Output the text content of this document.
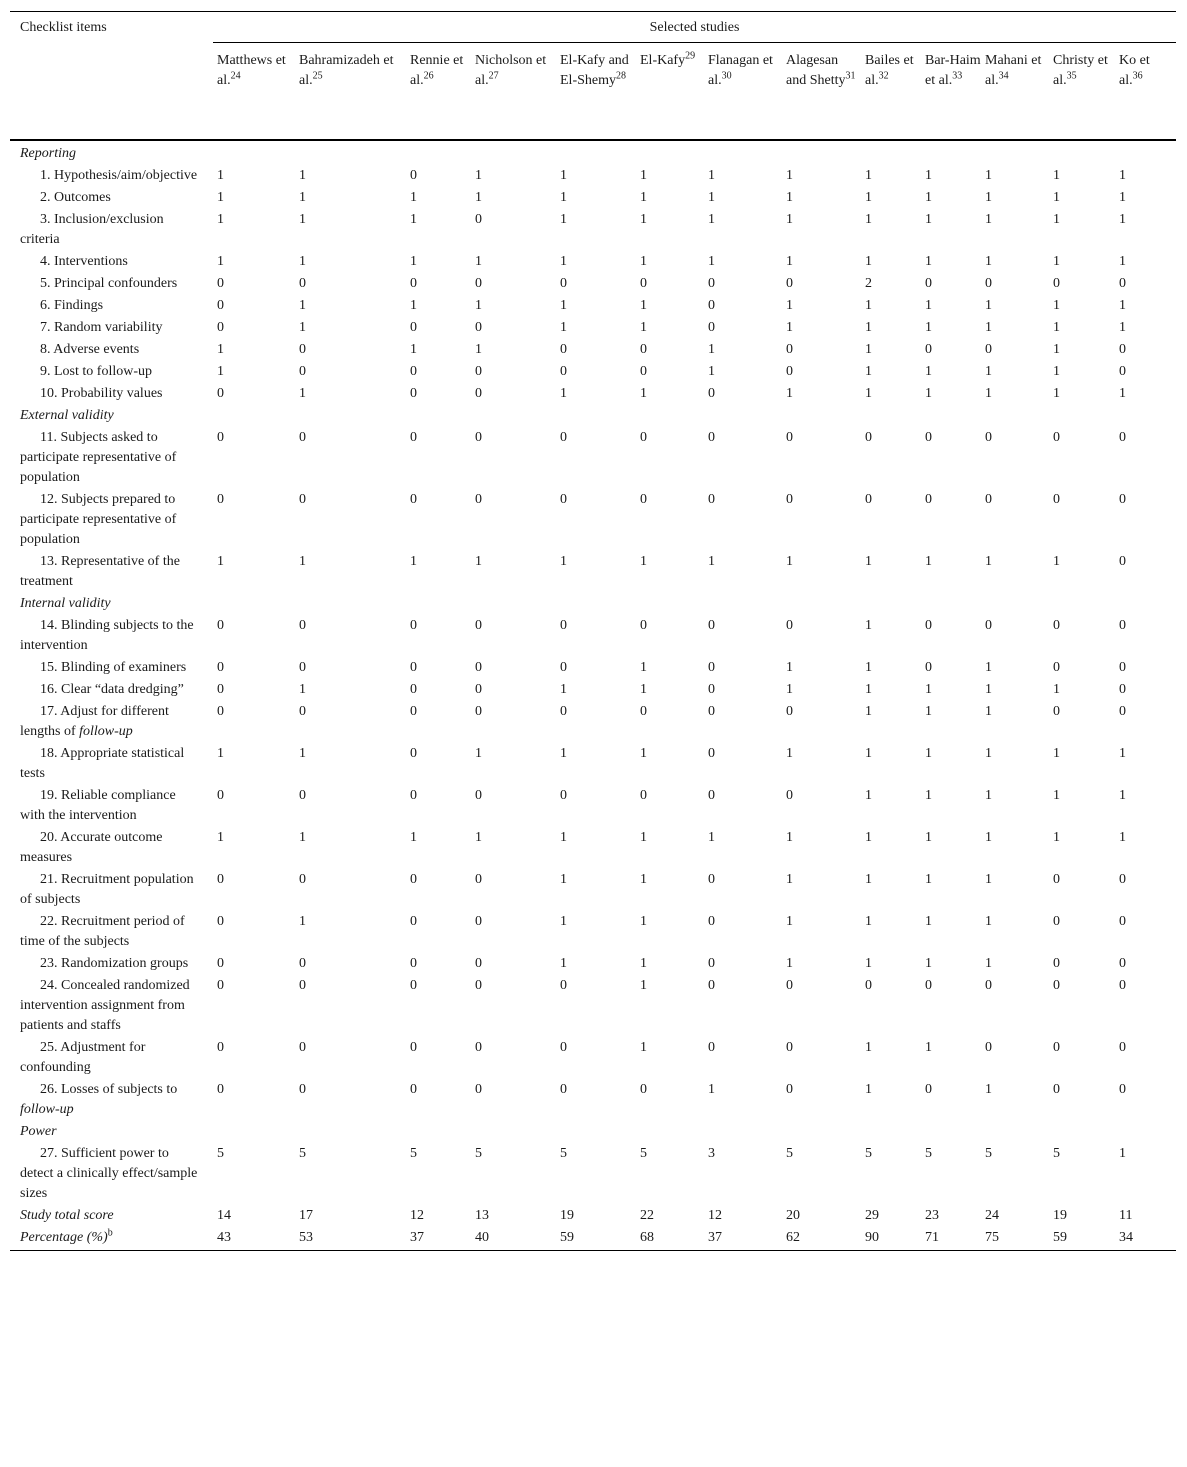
Checklist items	Selected studies												
	Matthews et al.$^{24}$	Bahramizadeh et al.$^{25}$	Rennie et al.$^{26}$	Nicholson et al.$^{27}$	El-Kafy and El-Shemy$^{28}$	El-Kafy$^{29}$	Flanagan et al.$^{30}$	Alagesan and Shetty$^{31}$	Bailes et al.$^{32}$	Bar-Haim et al.$^{33}$	Mahani et al.$^{34}$	Christy et al.$^{35}$	Ko et al.$^{36}$
Reporting													
1. Hypothesis/aim/objective	1	1	0	1	1	1	1	1	1	1	1	1	1
2. Outcomes	1	1	1	1	1	1	1	1	1	1	1	1	1
3. Inclusion/exclusion criteria	1	1	1	0	1	1	1	1	1	1	1	1	1
4. Interventions	1	1	1	1	1	1	1	1	1	1	1	1	1
5. Principal confounders	0	0	0	0	0	0	0	0	2	0	0	0	0
6. Findings	0	1	1	1	1	1	0	1	1	1	1	1	1
7. Random variability	0	1	0	0	1	1	0	1	1	1	1	1	1
8. Adverse events	1	0	1	1	0	0	1	0	1	0	0	1	0
9. Lost to follow-up	1	0	0	0	0	0	1	0	1	1	1	1	0
10. Probability values	0	1	0	0	1	1	0	1	1	1	1	1	1
External validity													
11. Subjects asked to participate representative of population	0	0	0	0	0	0	0	0	0	0	0	0	0
12. Subjects prepared to participate representative of population	0	0	0	0	0	0	0	0	0	0	0	0	0
13. Representative of the treatment	1	1	1	1	1	1	1	1	1	1	1	1	0
Internal validity													
14. Blinding subjects to the intervention	0	0	0	0	0	0	0	0	1	0	0	0	0
15. Blinding of examiners	0	0	0	0	0	1	0	1	1	0	1	0	0
16. Clear “data dredging”	0	1	0	0	1	1	0	1	1	1	1	1	0
17. Adjust for different lengths of follow-up	0	0	0	0	0	0	0	0	1	1	1	0	0
18. Appropriate statistical tests	1	1	0	1	1	1	0	1	1	1	1	1	1
19. Reliable compliance with the intervention	0	0	0	0	0	0	0	0	1	1	1	1	1
20. Accurate outcome measures	1	1	1	1	1	1	1	1	1	1	1	1	1
21. Recruitment population of subjects	0	0	0	0	1	1	0	1	1	1	1	0	0
22. Recruitment period of time of the subjects	0	1	0	0	1	1	0	1	1	1	1	0	0
23. Randomization groups	0	0	0	0	1	1	0	1	1	1	1	0	0
24. Concealed randomized intervention assignment from patients and staffs	0	0	0	0	0	1	0	0	0	0	0	0	0
25. Adjustment for confounding	0	0	0	0	0	1	0	0	1	1	0	0	0
26. Losses of subjects to follow-up	0	0	0	0	0	0	1	0	1	0	1	0	0
Power													
27. Sufficient power to detect a clinically effect/sample sizes	5	5	5	5	5	5	3	5	5	5	5	5	1
Study total score	14	17	12	13	19	22	12	20	29	23	24	19	11
Percentage (%)$^b$	43	53	37	40	59	68	37	62	90	71	75	59	34
